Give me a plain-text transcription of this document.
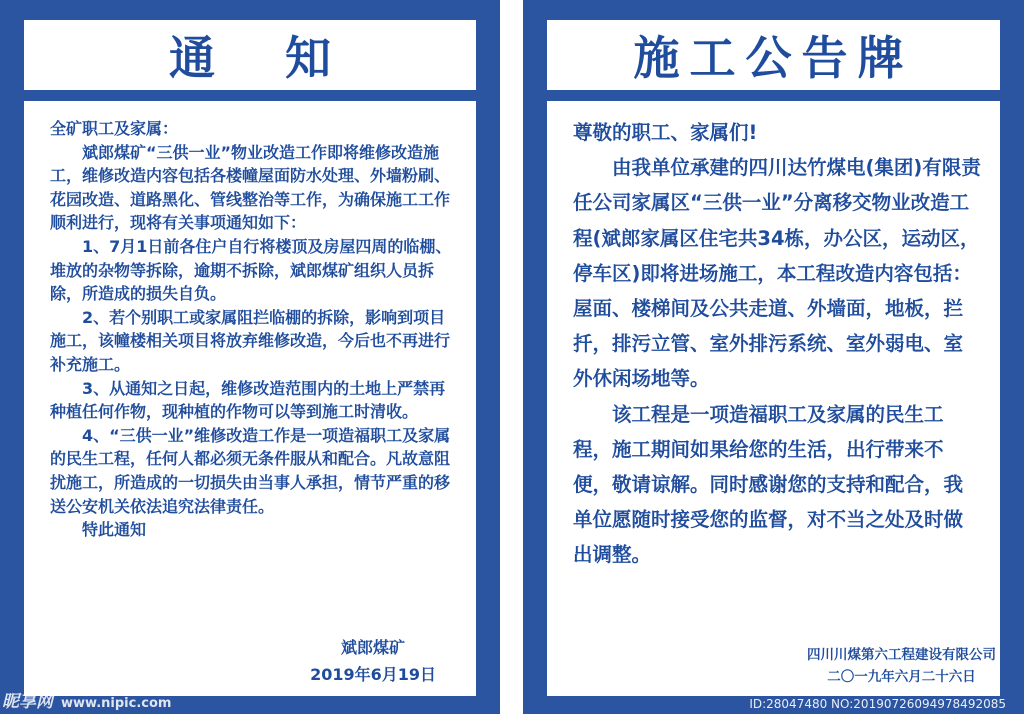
通知

全矿职工及家属：

斌郎煤矿“三供一业”物业改造工作即将维修改造施工，维修改造内容包括各楼幢屋面防水处理、外墙粉刷、花园改造、道路黑化、管线整治等工作，为确保施工工作顺利进行，现将有关事项通知如下：

1、7月1日前各住户自行将楼顶及房屋四周的临棚、堆放的杂物等拆除，逾期不拆除，斌郎煤矿组织人员拆除，所造成的损失自负。

2、若个别职工或家属阻拦临棚的拆除，影响到项目施工，该幢楼相关项目将放弃维修改造，今后也不再进行补充施工。

3、从通知之日起，维修改造范围内的土地上严禁再种植任何作物，现种植的作物可以等到施工时清收。

4、“三供一业”维修改造工作是一项造福职工及家属的民生工程，任何人都必须无条件服从和配合。凡故意阻扰施工，所造成的一切损失由当事人承担，情节严重的移送公安机关依法追究法律责任。

特此通知

斌郎煤矿
2019年6月19日
昵享网 www.nipic.com
施工公告牌

尊敬的职工、家属们!

由我单位承建的四川达竹煤电(集团)有限责任公司家属区“三供一业”分离移交物业改造工程(斌郎家属区住宅共34栋，办公区，运动区，停车区)即将进场施工，本工程改造内容包括：屋面、楼梯间及公共走道、外墙面，地板，拦扦，排污立管、室外排污系统、室外弱电、室外休闲场地等。

该工程是一项造福职工及家属的民生工程，施工期间如果给您的生活，出行带来不便，敬请谅解。同时感谢您的支持和配合，我单位愿随时接受您的监督，对不当之处及时做出调整。

四川川煤第六工程建设有限公司
二〇一九年六月二十六日
ID:28047480 NO:20190726094978492085
